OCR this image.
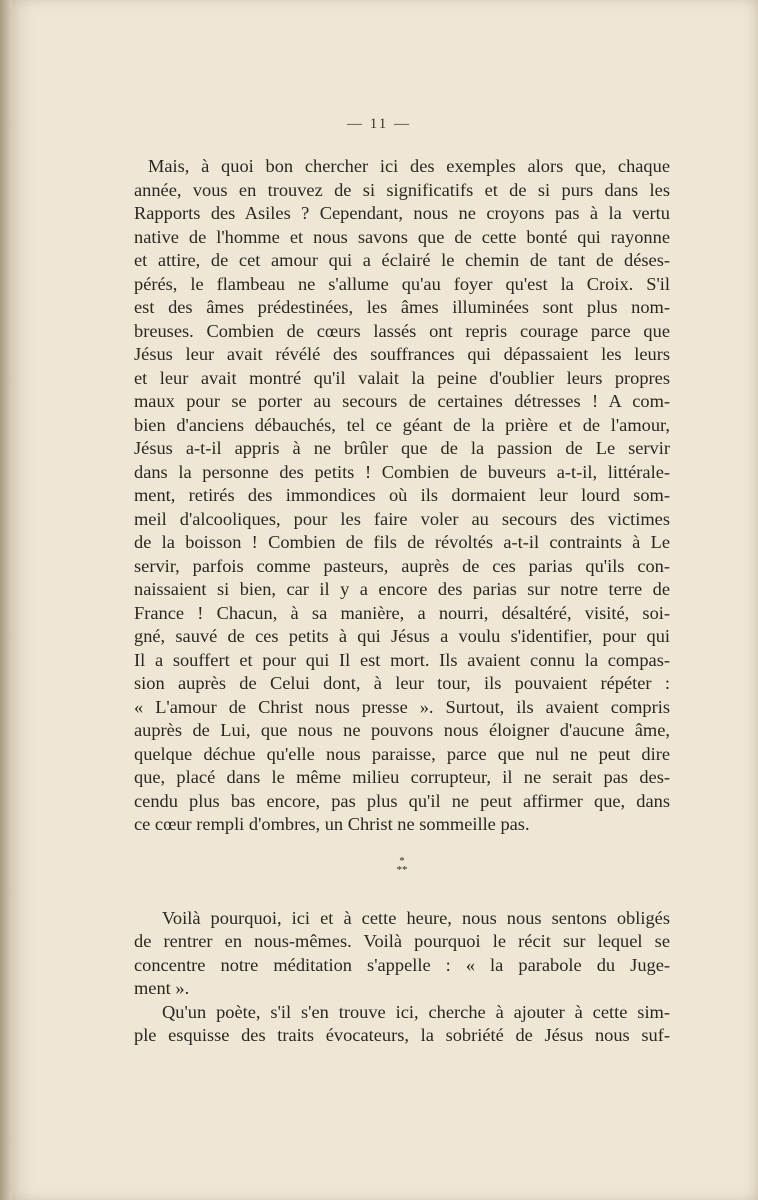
— 11 —
Mais, à quoi bon chercher ici des exemples alors que, chaque
année, vous en trouvez de si significatifs et de si purs dans les
Rapports des Asiles ? Cependant, nous ne croyons pas à la vertu
native de l'homme et nous savons que de cette bonté qui rayonne
et attire, de cet amour qui a éclairé le chemin de tant de déses-
pérés, le flambeau ne s'allume qu'au foyer qu'est la Croix. S'il
est des âmes prédestinées, les âmes illuminées sont plus nom-
breuses. Combien de cœurs lassés ont repris courage parce que
Jésus leur avait révélé des souffrances qui dépassaient les leurs
et leur avait montré qu'il valait la peine d'oublier leurs propres
maux pour se porter au secours de certaines détresses ! A com-
bien d'anciens débauchés, tel ce géant de la prière et de l'amour,
Jésus a-t-il appris à ne brûler que de la passion de Le servir
dans la personne des petits ! Combien de buveurs a-t-il, littérale-
ment, retirés des immondices où ils dormaient leur lourd som-
meil d'alcooliques, pour les faire voler au secours des victimes
de la boisson ! Combien de fils de révoltés a-t-il contraints à Le
servir, parfois comme pasteurs, auprès de ces parias qu'ils con-
naissaient si bien, car il y a encore des parias sur notre terre de
France ! Chacun, à sa manière, a nourri, désaltéré, visité, soi-
gné, sauvé de ces petits à qui Jésus a voulu s'identifier, pour qui
Il a souffert et pour qui Il est mort. Ils avaient connu la compas-
sion auprès de Celui dont, à leur tour, ils pouvaient répéter :
« L'amour de Christ nous presse ». Surtout, ils avaient compris
auprès de Lui, que nous ne pouvons nous éloigner d'aucune âme,
quelque déchue qu'elle nous paraisse, parce que nul ne peut dire
que, placé dans le même milieu corrupteur, il ne serait pas des-
cendu plus bas encore, pas plus qu'il ne peut affirmer que, dans
ce cœur rempli d'ombres, un Christ ne sommeille pas.
*
**
Voilà pourquoi, ici et à cette heure, nous nous sentons obligés
de rentrer en nous-mêmes. Voilà pourquoi le récit sur lequel se
concentre notre méditation s'appelle : « la parabole du Juge-
ment ».
Qu'un poète, s'il s'en trouve ici, cherche à ajouter à cette sim-
ple esquisse des traits évocateurs, la sobriété de Jésus nous suf-
